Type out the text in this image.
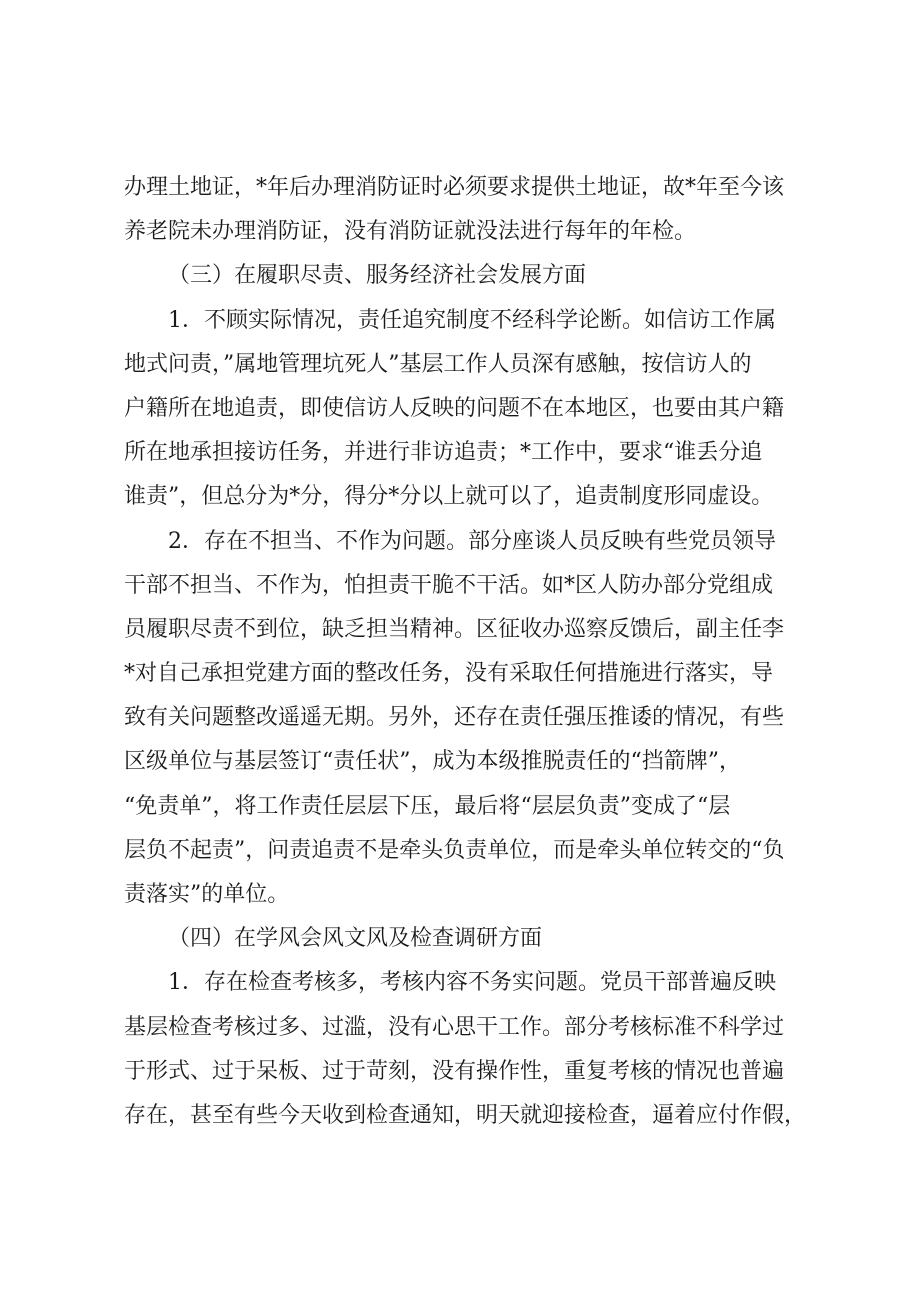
办理土地证，*年后办理消防证时必须要求提供土地证，故*年至今该
养老院未办理消防证，没有消防证就没法进行每年的年检。
（三）在履职尽责、服务经济社会发展方面
1．不顾实际情况，责任追究制度不经科学论断。如信访工作属
地式问责，”属地管理坑死人”基层工作人员深有感触，按信访人的
户籍所在地追责，即使信访人反映的问题不在本地区，也要由其户籍
所在地承担接访任务，并进行非访追责；*工作中，要求“谁丢分追
谁责”，但总分为*分，得分*分以上就可以了，追责制度形同虚设。
2．存在不担当、不作为问题。部分座谈人员反映有些党员领导
干部不担当、不作为，怕担责干脆不干活。如*区人防办部分党组成
员履职尽责不到位，缺乏担当精神。区征收办巡察反馈后，副主任李
*对自己承担党建方面的整改任务，没有采取任何措施进行落实，导
致有关问题整改遥遥无期。另外，还存在责任强压推诿的情况，有些
区级单位与基层签订“责任状”，成为本级推脱责任的“挡箭牌”，
“免责单”，将工作责任层层下压，最后将“层层负责”变成了“层
层负不起责”，问责追责不是牵头负责单位，而是牵头单位转交的“负
责落实”的单位。
（四）在学风会风文风及检查调研方面
1．存在检查考核多，考核内容不务实问题。党员干部普遍反映
基层检查考核过多、过滥，没有心思干工作。部分考核标准不科学过
于形式、过于呆板、过于苛刻，没有操作性，重复考核的情况也普遍
存在，甚至有些今天收到检查通知，明天就迎接检查，逼着应付作假，
